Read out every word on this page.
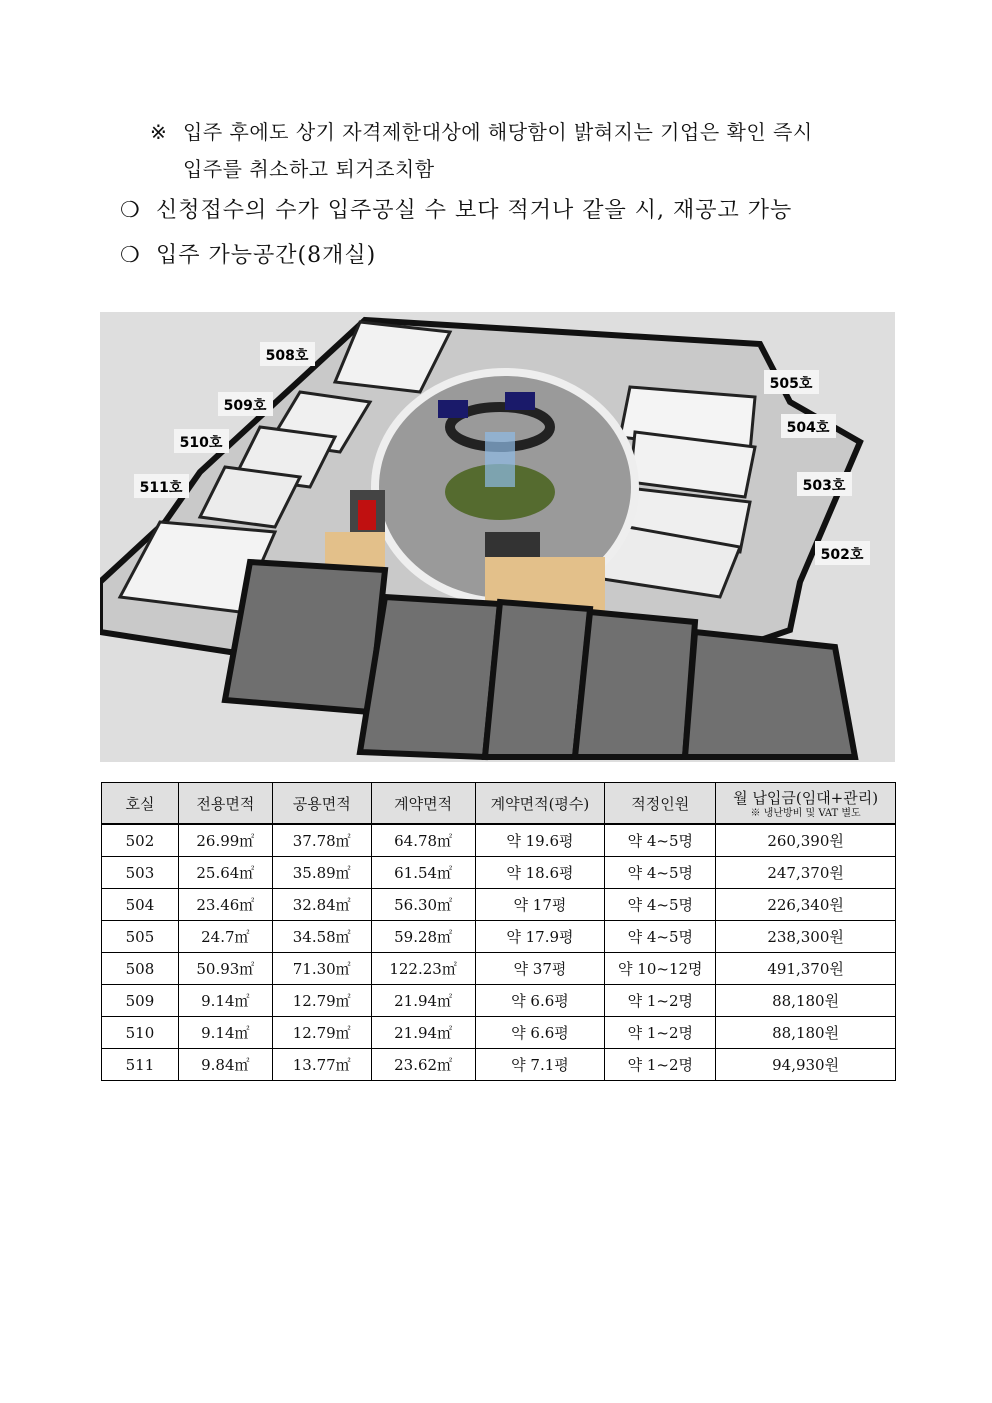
※ 입주 후에도 상기 자격제한대상에 해당함이 밝혀지는 기업은 확인 즉시
입주를 취소하고 퇴거조치함
❍ 신청접수의 수가 입주공실 수 보다 적거나 같을 시, 재공고 가능
❍ 입주 가능공간(8개실)
508호
509호
510호
511호
505호
504호
503호
502호
호실	전용면적	공용면적	계약면적	계약면적(평수)	적정인원	월 납입금(임대+관리)
※ 냉난방비 및 VAT 별도

502	26.99㎡	37.78㎡	64.78㎡	약 19.6평	약 4~5명	260,390원
503	25.64㎡	35.89㎡	61.54㎡	약 18.6평	약 4~5명	247,370원
504	23.46㎡	32.84㎡	56.30㎡	약 17평	약 4~5명	226,340원
505	24.7㎡	34.58㎡	59.28㎡	약 17.9평	약 4~5명	238,300원
508	50.93㎡	71.30㎡	122.23㎡	약 37평	약 10~12명	491,370원
509	9.14㎡	12.79㎡	21.94㎡	약 6.6평	약 1~2명	88,180원
510	9.14㎡	12.79㎡	21.94㎡	약 6.6평	약 1~2명	88,180원
511	9.84㎡	13.77㎡	23.62㎡	약 7.1평	약 1~2명	94,930원
